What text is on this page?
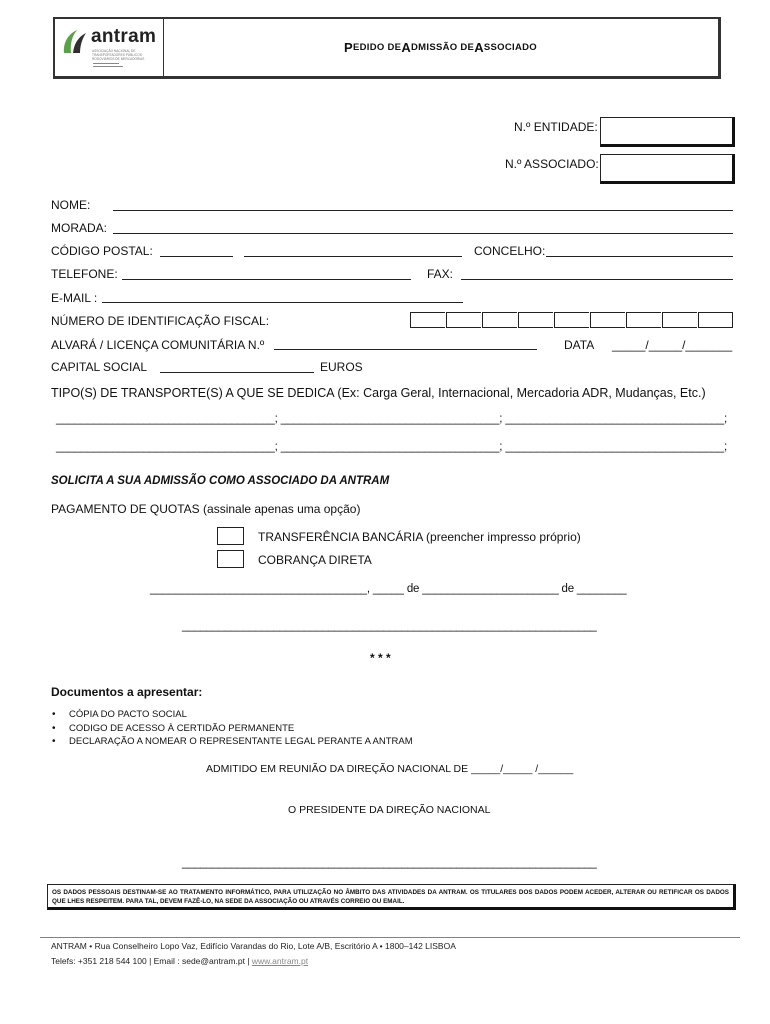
antram
ASSOCIAÇÃO NACIONAL DE TRANSPORTADORES PÚBLICOS RODOVIÁRIOS DE MERCADORIAS
P EDIDO DE A DMISSÃO DE A SSOCIADO
N.º ENTIDADE:
N.º ASSOCIADO:
NOME:
MORADA:
CÓDIGO POSTAL:	CONCELHO:
TELEFONE:	FAX:
E-MAIL :
NÚMERO DE IDENTIFICAÇÃO FISCAL:
ALVARÁ / LICENÇA COMUNITÁRIA N.º	DATA _____/_____/_______
CAPITAL SOCIAL	EUROS
TIPO(S) DE TRANSPORTE(S) A QUE SE DEDICA (Ex: Carga Geral, Internacional, Mercadoria ADR, Mudanças, Etc.)
___________________________________; ___________________________________; ___________________________________;
___________________________________; ___________________________________; ___________________________________;
SOLICITA A SUA ADMISSÃO COMO ASSOCIADO DA ANTRAM
PAGAMENTO DE QUOTAS (assinale apenas uma opção)
TRANSFERÊNCIA BANCÁRIA (preencher impresso próprio)
COBRANÇA DIRETA
___________________________________, _____ de ______________________ de ________
____________________________________________________________________
* * *
Documentos a apresentar:
• CÓPIA DO PACTO SOCIAL
• CODIGO DE ACESSO À CERTIDÃO PERMANENTE
• DECLARAÇÃO A NOMEAR O REPRESENTANTE LEGAL PERANTE A ANTRAM
ADMITIDO EM REUNIÃO DA DIREÇÃO NACIONAL DE _____/_____ /______
O PRESIDENTE DA DIREÇÃO NACIONAL
____________________________________________________________________
OS DADOS PESSOAIS DESTINAM-SE AO TRATAMENTO INFORMÁTICO, PARA UTILIZAÇÃO NO ÂMBITO DAS ATIVIDADES DA ANTRAM. OS TITULARES DOS DADOS PODEM ACEDER, ALTERAR OU RETIFICAR OS DADOS QUE LHES RESPEITEM. PARA TAL, DEVEM FAZÊ-LO, NA SEDE DA ASSOCIAÇÃO OU ATRAVÉS CORREIO OU EMAIL.
ANTRAM • Rua Conselheiro Lopo Vaz, Edifício Varandas do Rio, Lote A/B, Escritório A • 1800–142 LISBOA
Telefs: +351 218 544 100 | Email : sede@antram.pt | www.antram.pt
